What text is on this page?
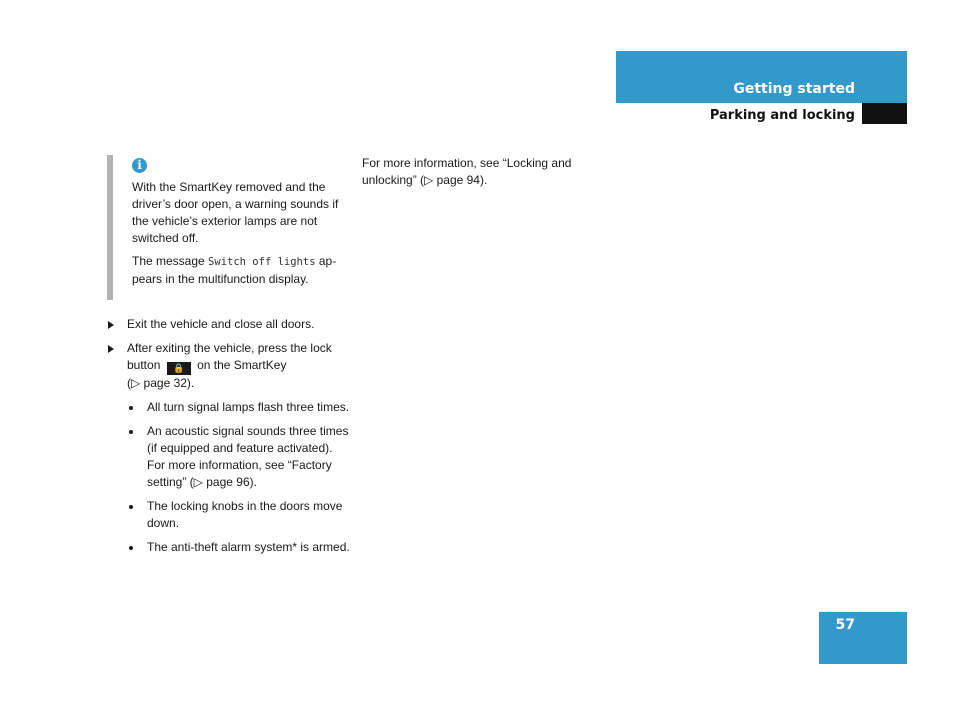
Getting started
Parking and locking
i

With the SmartKey removed and the driver’s door open, a warning sounds if the vehicle’s exterior lamps are not switched off.

The message Switch off lights appears in the multifunction display.

Exit the vehicle and close all doors.
After exiting the vehicle, press the lock button 🔒 on the SmartKey
(▷ page 32).
All turn signal lamps flash three times.
An acoustic signal sounds three times (if equipped and feature activated).
For more information, see “Factory setting” (▷ page 96).
The locking knobs in the doors move down.
The anti-theft alarm system* is armed.

For more information, see “Locking and unlocking” (▷ page 94).

57
